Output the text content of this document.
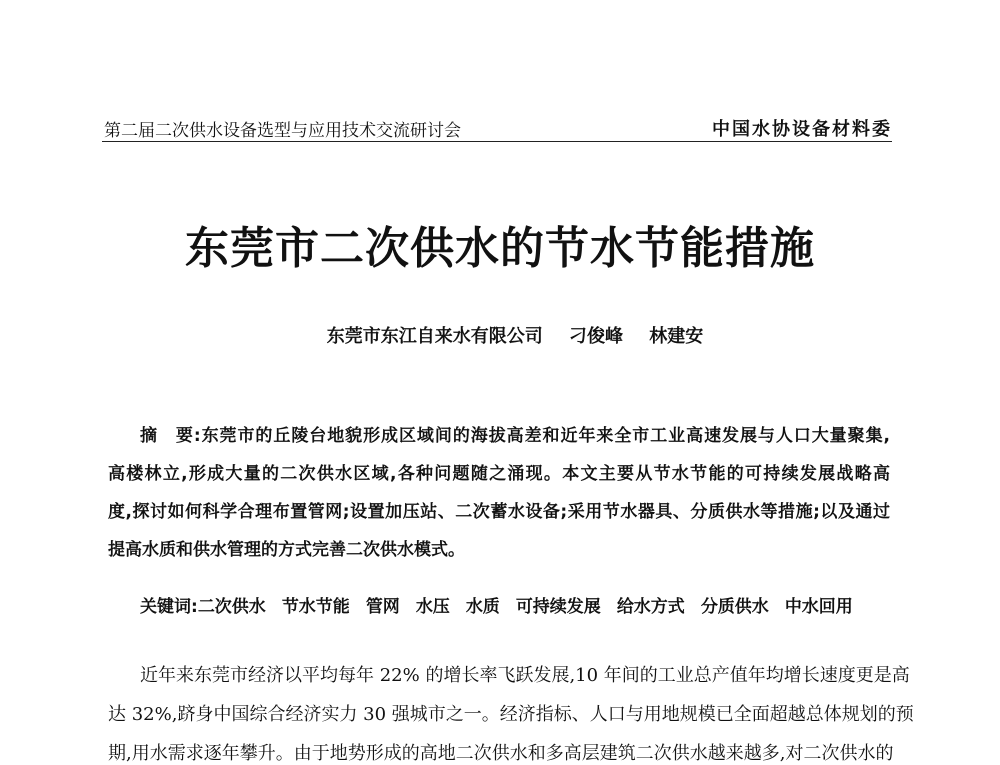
第二届二次供水设备选型与应用技术交流研讨会	中国水协设备材料委
东莞市二次供水的节水节能措施
东莞市东江自来水有限公司 刁俊峰 林建安
摘　要:东莞市的丘陵台地貌形成区域间的海拔高差和近年来全市工业高速发展与人口大量聚集,
高楼林立,形成大量的二次供水区域,各种问题随之涌现。本文主要从节水节能的可持续发展战略高
度,探讨如何科学合理布置管网;设置加压站、二次蓄水设备;采用节水器具、分质供水等措施;以及通过
提高水质和供水管理的方式完善二次供水模式。
关键词:二次供水 节水节能 管网 水压 水质 可持续发展 给水方式 分质供水 中水回用
近年来东莞市经济以平均每年 22% 的增长率飞跃发展,10 年间的工业总产值年均增长速度更是高
达 32%,跻身中国综合经济实力 30 强城市之一。经济指标、人口与用地规模已全面超越总体规划的预
期,用水需求逐年攀升。由于地势形成的高地二次供水和多高层建筑二次供水越来越多,对二次供水的
